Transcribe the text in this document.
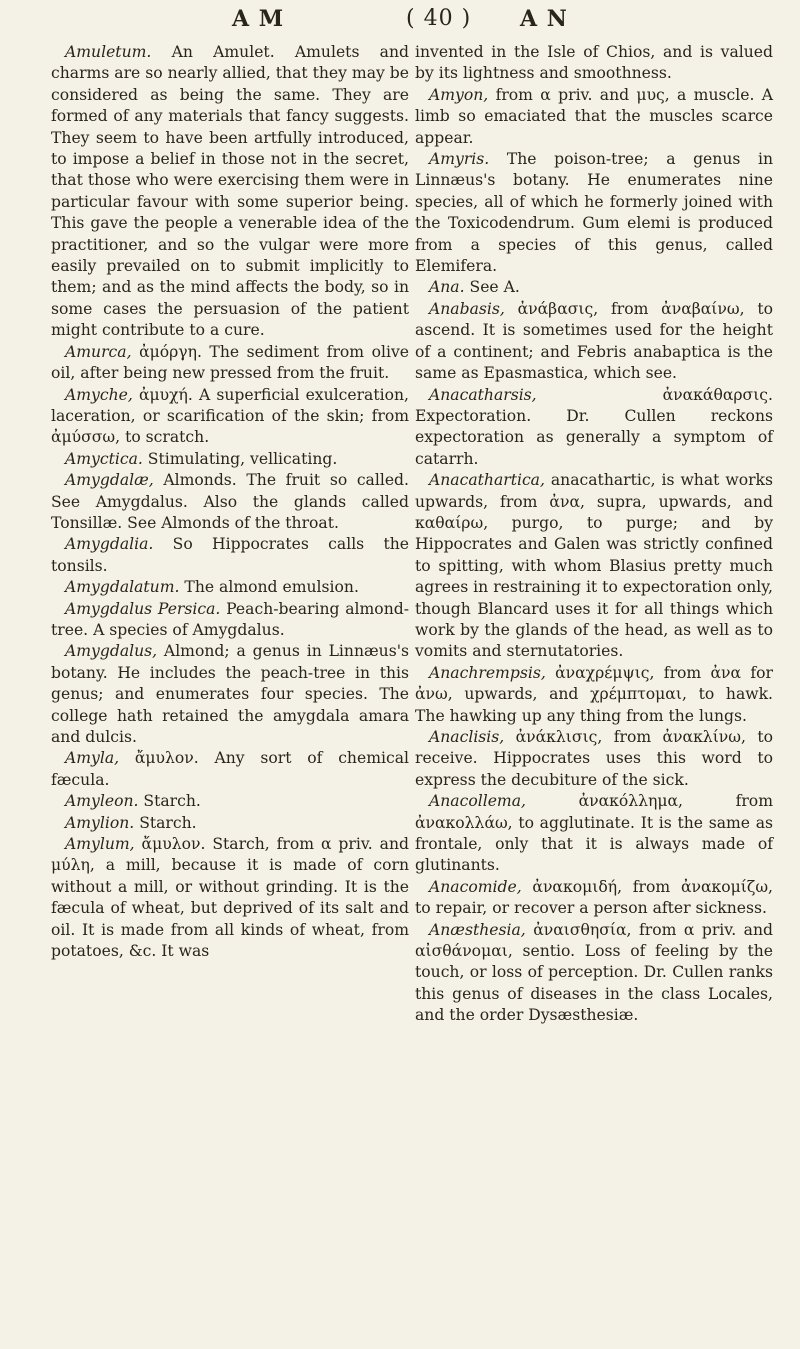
A M	( 40 ) A N

Amuletum. An Amulet. Amulets and charms are so nearly allied, that they may be considered as being the same. They are formed of any materials that fancy suggests. They seem to have been artfully introduced, to impose a belief in those not in the secret, that those who were exercising them were in particular favour with some superior being. This gave the people a venerable idea of the practitioner, and so the vulgar were more easily prevailed on to submit implicitly to them; and as the mind affects the body, so in some cases the persuasion of the patient might contribute to a cure.

Amurca, ἀμόργη. The sediment from olive oil, after being new pressed from the fruit.

Amyche, ἀμυχή. A superficial exulceration, laceration, or scarification of the skin; from ἀμύσσω, to scratch.

Amyctica. Stimulating, vellicating.

Amygdalæ, Almonds. The fruit so called. See Amygdalus. Also the glands called Tonsillæ. See Almonds of the throat.

Amygdalia. So Hippocrates calls the tonsils.

Amygdalatum. The almond emulsion.

Amygdalus Persica. Peach-bearing almond-tree. A species of Amygdalus.

Amygdalus, Almond; a genus in Linnæus's botany. He includes the peach-tree in this genus; and enumerates four species. The college hath retained the amygdala amara and dulcis.

Amyla, ἄμυλον. Any sort of chemical fæcula.

Amyleon. Starch.

Amylion. Starch.

Amylum, ἄμυλον. Starch, from α priv. and μύλη, a mill, because it is made of corn without a mill, or without grinding. It is the fæcula of wheat, but deprived of its salt and oil. It is made from all kinds of wheat, from potatoes, &c. It was

invented in the Isle of Chios, and is valued by its lightness and smoothness.

Amyon, from α priv. and μυς, a muscle. A limb so emaciated that the muscles scarce appear.

Amyris. The poison-tree; a genus in Linnæus's botany. He enumerates nine species, all of which he formerly joined with the Toxicodendrum. Gum elemi is produced from a species of this genus, called Elemifera.

Ana. See A.

Anabasis, ἀνάβασις, from ἀναβαίνω, to ascend. It is sometimes used for the height of a continent; and Febris anabaptica is the same as Epasmastica, which see.

Anacatharsis, ἀνακάθαρσις. Expectoration. Dr. Cullen reckons expectoration as generally a symptom of catarrh.

Anacathartica, anacathartic, is what works upwards, from ἀνα, supra, upwards, and καθαίρω, purgo, to purge; and by Hippocrates and Galen was strictly confined to spitting, with whom Blasius pretty much agrees in restraining it to expectoration only, though Blancard uses it for all things which work by the glands of the head, as well as to vomits and sternutatories.

Anachrempsis, ἀναχρέμψις, from ἀνα for ἀνω, upwards, and χρέμπτομαι, to hawk. The hawking up any thing from the lungs.

Anaclisis, ἀνάκλισις, from ἀνακλίνω, to receive. Hippocrates uses this word to express the decubiture of the sick.

Anacollema, ἀνακόλλημα, from ἀνακολλάω, to agglutinate. It is the same as frontale, only that it is always made of glutinants.

Anacomide, ἀνακομιδή, from ἀνακομίζω, to repair, or recover a person after sickness.

Anæsthesia, ἀναισθησία, from α priv. and αἰσθάνομαι, sentio. Loss of feeling by the touch, or loss of perception. Dr. Cullen ranks this genus of diseases in the class Locales, and the order Dysæsthesiæ.
